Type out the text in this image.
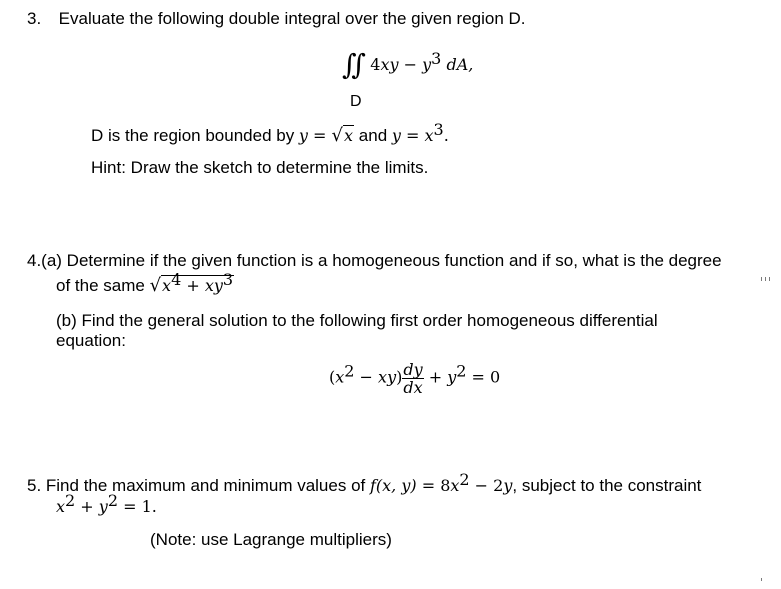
3. Evaluate the following double integral over the given region D.
∬ $4xy - y^3$ dA,
D
D is the region bounded by y = √x and $y = x^3$.
Hint: Draw the sketch to determine the limits.
4.(a) Determine if the given function is a homogeneous function and if so, what is the degree
of the same $√x^4 + xy^3$
(b) Find the general solution to the following first order homogeneous differential
equation:
$(x^2 - xy) \frac{dy}{dx} + y^2 = 0$
5. Find the maximum and minimum values of f(x, $y) = 8x^2 - 2y$, subject to the constraint
$x^2 + y^2 = 1$.
(Note: use Lagrange multipliers)
